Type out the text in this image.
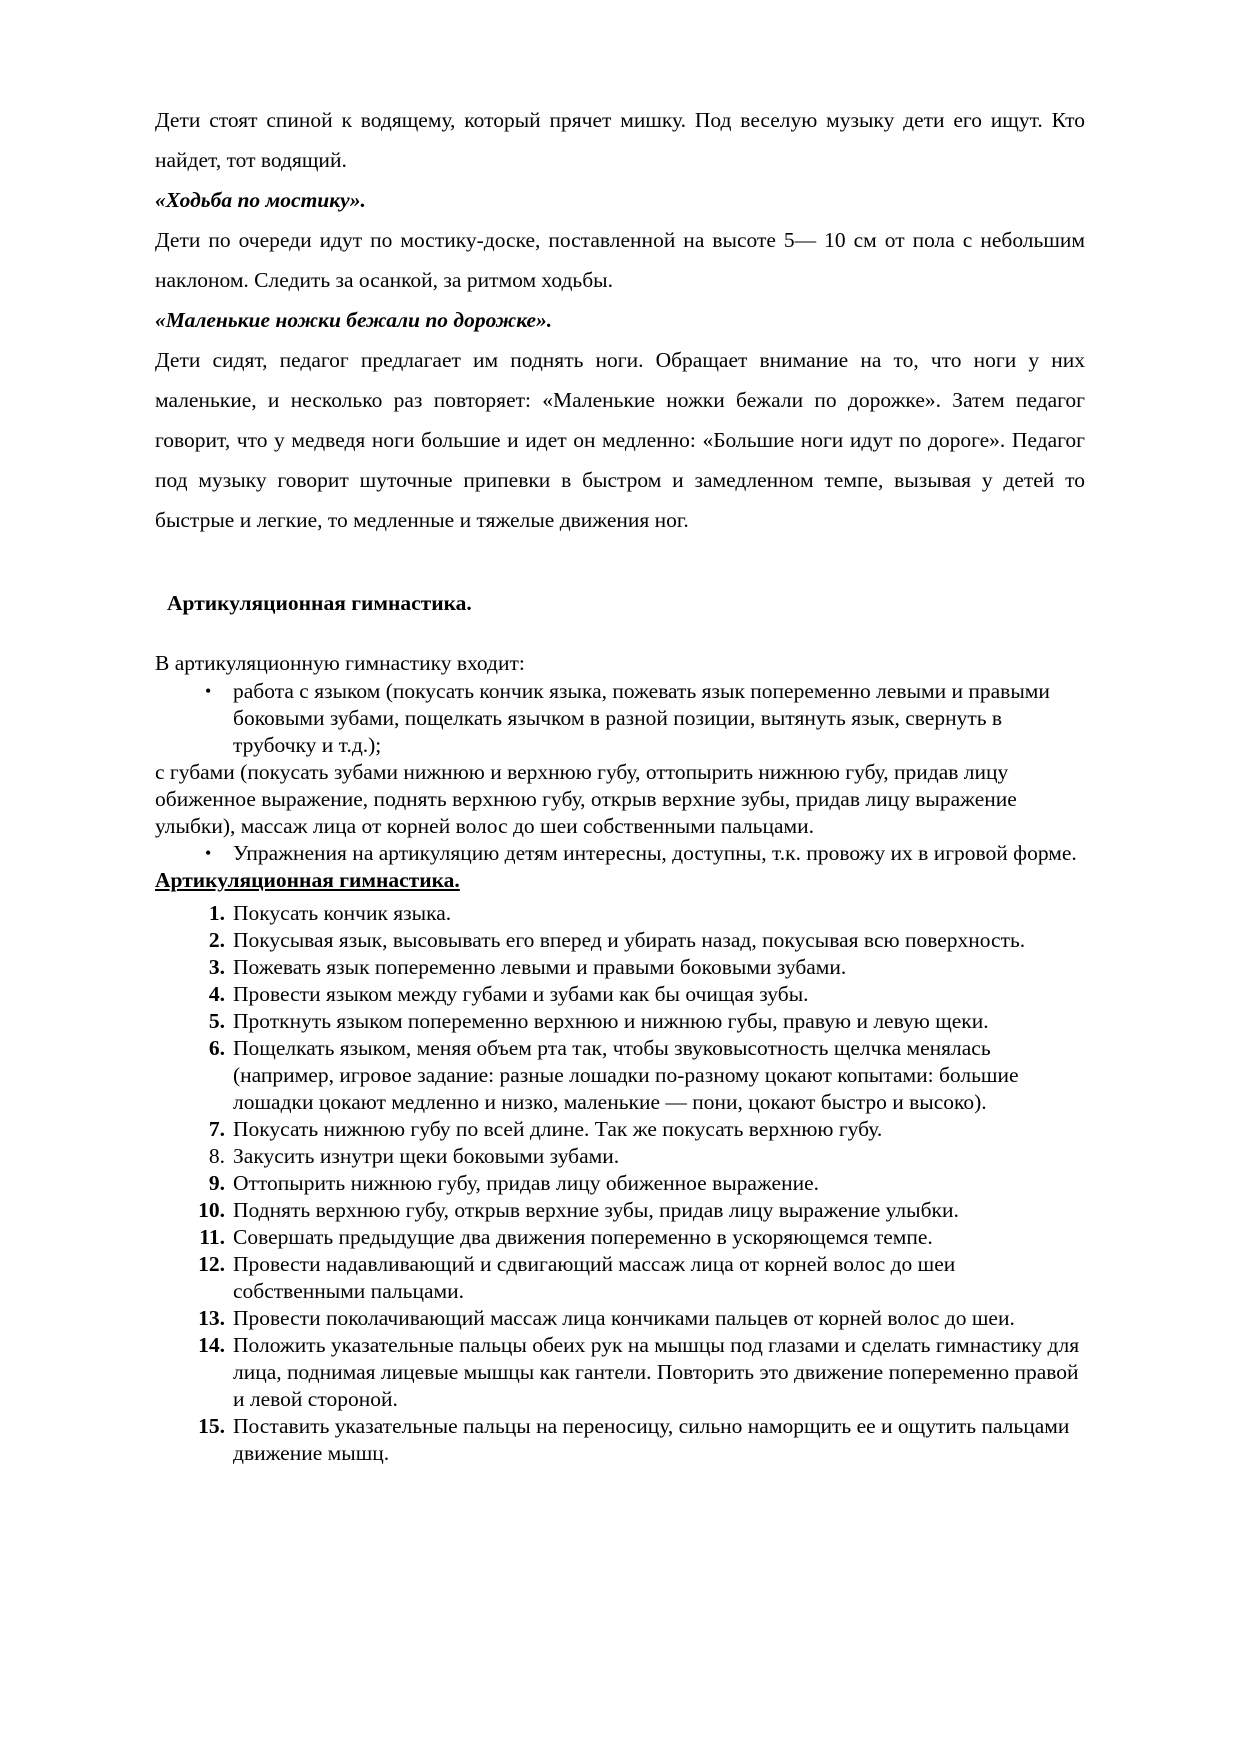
Дети стоят спиной к водящему, который прячет мишку. Под веселую музыку дети его ищут. Кто найдет, тот водящий.

«Ходьба по мостику».

Дети по очереди идут по мостику-доске, поставленной на высоте 5— 10 см от пола с небольшим наклоном. Следить за осанкой, за ритмом ходьбы.

«Маленькие ножки бежали по дорожке».

Дети сидят, педагог предлагает им поднять ноги. Обращает внимание на то, что ноги у них маленькие, и несколько раз повторяет: «Маленькие ножки бежали по дорожке». Затем педагог говорит, что у медведя ноги большие и идет он медленно: «Большие ноги идут по дороге». Педагог под музыку говорит шуточные припевки в быстром и замедленном темпе, вызывая у детей то быстрые и легкие, то медленные и тяжелые движения ног.

Артикуляционная гимнастика.

В артикуляционную гимнастику входит:

• работа с языком (покусать кончик языка, пожевать язык попеременно левыми и правыми боковыми зубами, пощелкать язычком в разной позиции, вытянуть язык, свернуть в трубочку и т.д.);

с губами (покусать зубами нижнюю и верхнюю губу, оттопырить нижнюю губу, придав лицу обиженное выражение, поднять верхнюю губу, открыв верхние зубы, придав лицу выражение улыбки), массаж лица от корней волос до шеи собственными пальцами.

• Упражнения на артикуляцию детям интересны, доступны, т.к. провожу их в игровой форме.

Артикуляционная гимнастика.

1. Покусать кончик языка.
2. Покусывая язык, высовывать его вперед и убирать назад, покусывая всю поверхность.
3. Пожевать язык попеременно левыми и правыми боковыми зубами.
4. Провести языком между губами и зубами как бы очищая зубы.
5. Проткнуть языком попеременно верхнюю и нижнюю губы, правую и левую щеки.
6. Пощелкать языком, меняя объем рта так, чтобы звуковысотность щелчка менялась (например, игровое задание: разные лошадки по-разному цокают копытами: большие лошадки цокают медленно и низко, маленькие — пони, цокают быстро и высоко).
7. Покусать нижнюю губу по всей длине. Так же покусать верхнюю губу.
8. Закусить изнутри щеки боковыми зубами.
9. Оттопырить нижнюю губу, придав лицу обиженное выражение.
10. Поднять верхнюю губу, открыв верхние зубы, придав лицу выражение улыбки.
11. Совершать предыдущие два движения попеременно в ускоряющемся темпе.
12. Провести надавливающий и сдвигающий массаж лица от корней волос до шеи собственными пальцами.
13. Провести поколачивающий массаж лица кончиками пальцев от корней волос до шеи.
14. Положить указательные пальцы обеих рук на мышцы под глазами и сделать гимнастику для лица, поднимая лицевые мышцы как гантели. Повторить это движение попеременно правой и левой стороной.
15. Поставить указательные пальцы на переносицу, сильно наморщить ее и ощутить пальцами движение мышц.
